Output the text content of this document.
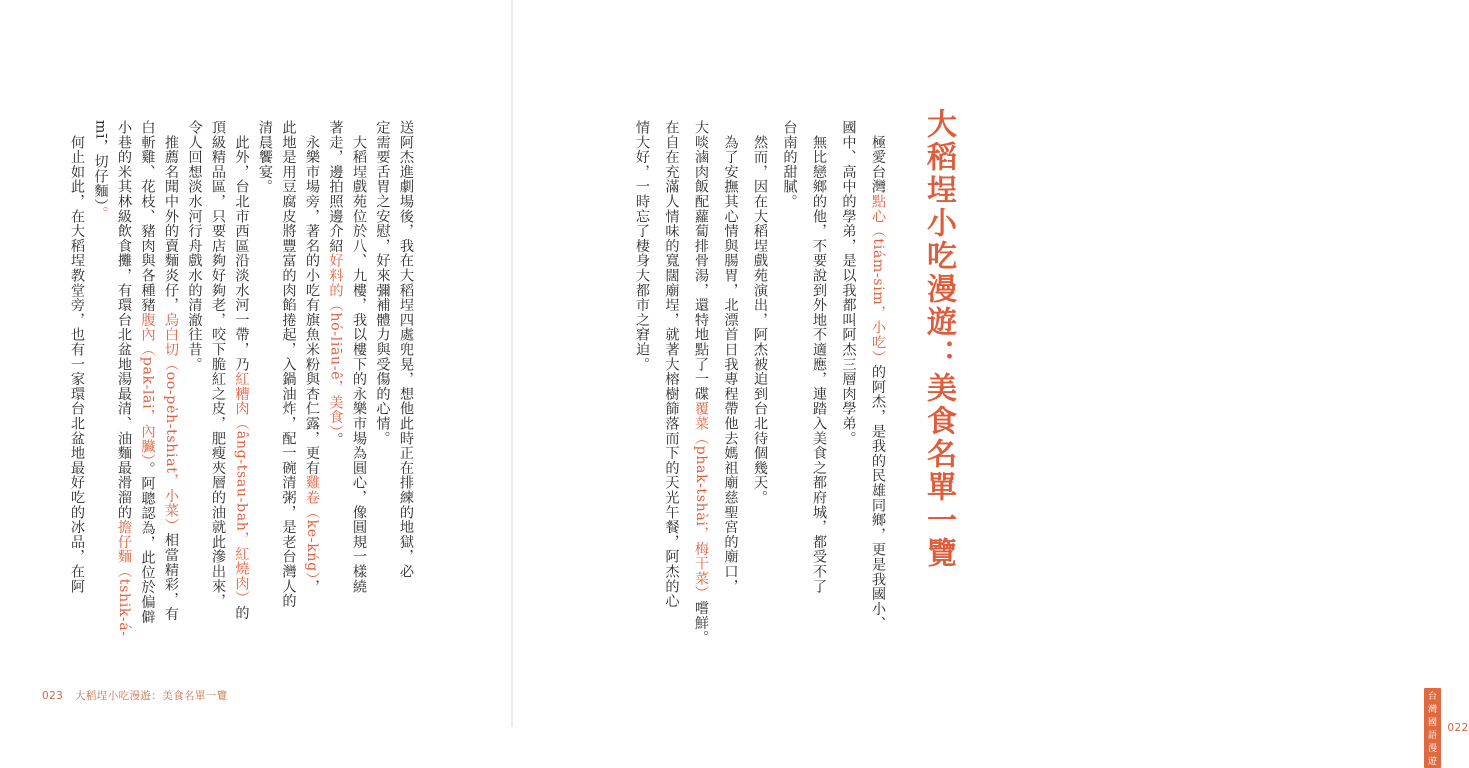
送阿杰進劇場後，我在大稻埕四處兜晃，想他此時正在排練的地獄，必
定需要舌胃之安慰，好來彌補體力與受傷的心情。
　大稻埕戲苑位於八、九樓，我以樓下的永樂市場為圓心，像圓規一樣繞
著走，邊拍照邊介紹好料的（hó-liāu-ê，美食）。
　永樂市場旁，著名的小吃有旗魚米粉與杏仁露，更有雞卷（ke-kńg），
此地是用豆腐皮將豐富的肉餡捲起，入鍋油炸，配一碗清粥，是老台灣人的
清晨饗宴。
　此外，台北市西區沿淡水河一帶，乃紅糟肉（âng-tsau-bah，紅燒肉）的
頂級精品區，只要店夠好夠老，咬下脆紅之皮，肥瘦夾層的油就此滲出來，
令人回想淡水河行舟戲水的清澈往昔。
　推薦名聞中外的賣麵炎仔，烏白切（oo-pe̍h-tshiat，小菜）相當精彩，有
白斬雞、花枝、豬肉與各種豬腹內（pak-lāi，內臟）。阿聰認為，此位於偏僻
小巷的米其林級飲食攤，有環台北盆地湯最清、油麵最滑溜的擔仔麵（tshik-á-
mī，切仔麵）。
　何止如此，在大稻埕教堂旁，也有一家環台北盆地最好吃的冰品，在阿
023 大稻埕小吃漫遊：美食名單一覽
　極愛台灣點心（tiám-sim，小吃）的阿杰，是我的民雄同鄉，更是我國小、
國中、高中的學弟，是以我都叫阿杰三層肉學弟。
　無比戀鄉的他，不要說到外地不適應，連踏入美食之都府城，都受不了
台南的甜膩。
　然而，因在大稻埕戲苑演出，阿杰被迫到台北待個幾天。
　為了安撫其心情與腸胃，北漂首日我專程帶他去媽祖廟慈聖宮的廟口，
大啖滷肉飯配蘿蔔排骨湯，還特地點了一碟覆菜（phak-tshài，梅干菜）嚐鮮。
在自在充滿人情味的寬闊廟埕，就著大榕樹篩落而下的天光午餐，阿杰的心
情大好，一時忘了棲身大都市之窘迫。
台灣國語漫遊
022
大稻埕小吃漫遊：美食名單一覽
